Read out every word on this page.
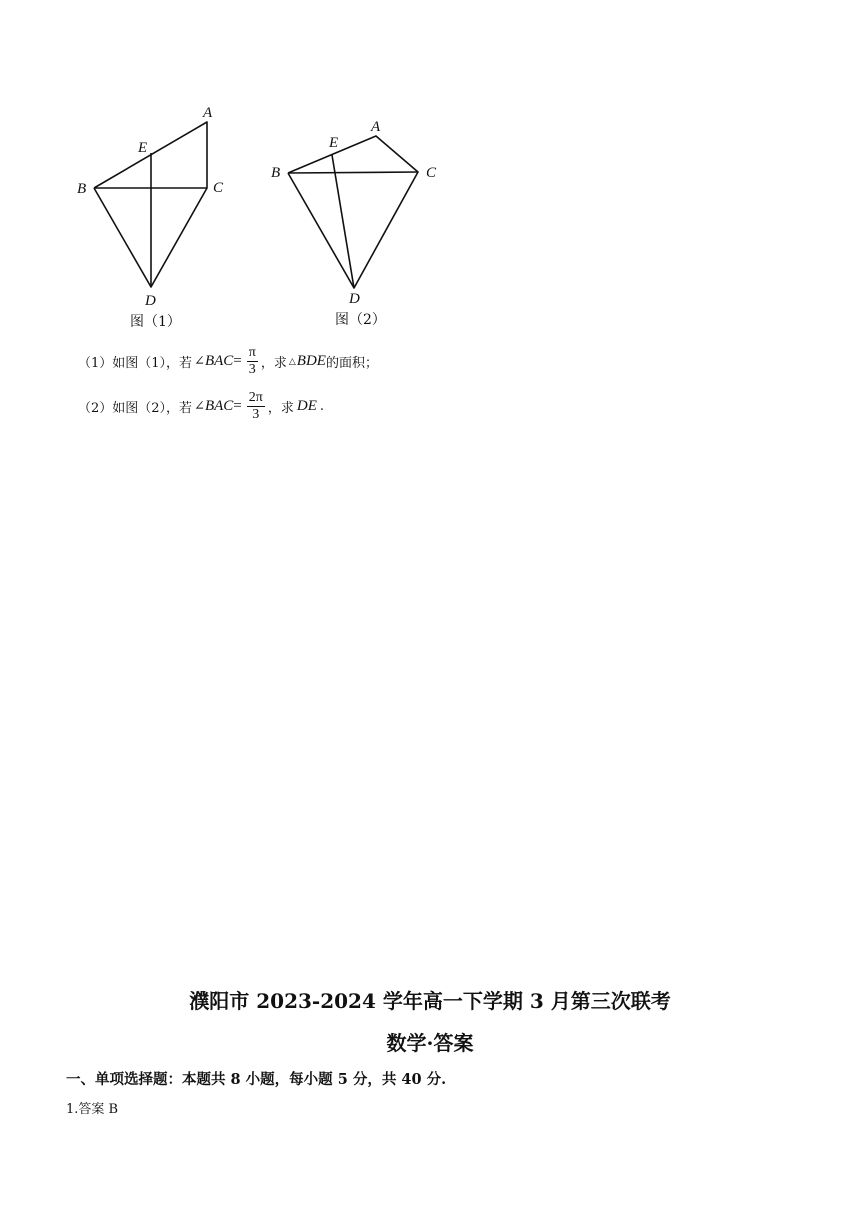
A
B	C
D
E
图（1）
A
B	C
D
E
图（2）
（1）如图（1），若 ∠ BAC = $\frac{\pi}{3}$ ，求 △ BDE 的面积；
（2）如图（2），若 ∠ BAC = $\frac{2\pi}{3}$ ，求 DE .
濮阳市 2023-2024 学年高一下学期 3 月第三次联考
数学·答案
一、单项选择题：本题共 8 小题，每小题 5 分，共 40 分.
1.答案 B
